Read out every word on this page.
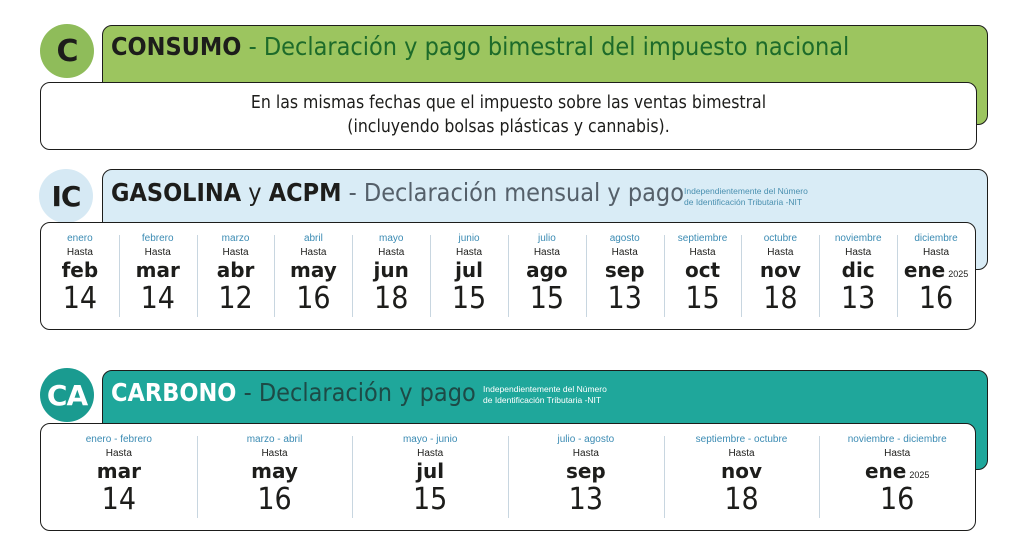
C	CONSUMO - Declaración y pago bimestral del impuesto nacional

En las mismas fechas que el impuesto sobre las ventas bimestral

(incluyendo bolsas plásticas y cannabis).

IC	GASOLINA y ACPM - Declaración mensual y pago Independientemente del Número
de Identificación Tributaria -NIT
enero
Hasta
feb
14
febrero
Hasta
mar
14
marzo
Hasta
abr
12
abril
Hasta
may
16
mayo
Hasta
jun
18
junio
Hasta
jul
15
julio
Hasta
ago
15
agosto
Hasta
sep
13
septiembre
Hasta
oct
15
octubre
Hasta
nov
18
noviembre
Hasta
dic
13
diciembre
Hasta
ene 2025
16
CA CARBONO - Declaración y pago Independientemente del Número
de Identificación Tributaria -NIT
enero - febrero
Hasta
mar
14
marzo - abril
Hasta
may
16
mayo - junio
Hasta
jul
15
julio - agosto
Hasta
sep
13
septiembre - octubre
Hasta
nov
18
noviembre - diciembre
Hasta
ene 2025
16
